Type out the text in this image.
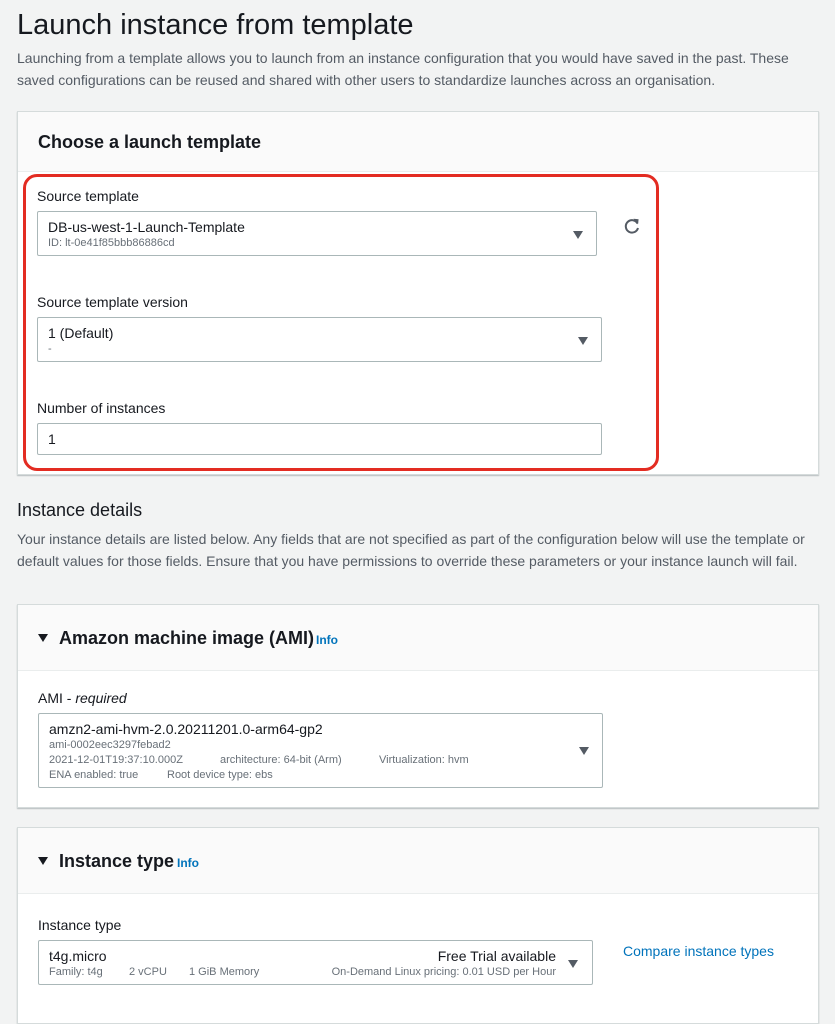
Launch instance from template
Launching from a template allows you to launch from an instance configuration that you would have saved in the past. These saved configurations can be reused and shared with other users to standardize launches across an organisation.
Choose a launch template
Source template
DB-us-west-1-Launch-Template
ID: lt-0e41f85bbb86886cd
Source template version
1 (Default)
-
Number of instances
1
Instance details
Your instance details are listed below. Any fields that are not specified as part of the configuration below will use the template or default values for those fields. Ensure that you have permissions to override these parameters or your instance launch will fail.
Amazon machine image (AMI) Info
AMI - required
amzn2-ami-hvm-2.0.20211201.0-arm64-gp2
ami-0002eec3297febad2
2021-12-01T19:37:10.000Z	architecture: 64-bit (Arm)	Virtualization: hvm
ENA enabled: true	Root device type: ebs
Instance type Info
Instance type
t4g.micro	Free Trial available
Family: t4g 2 vCPU 1 GiB Memory	On-Demand Linux pricing: 0.01 USD per Hour
Compare instance types
